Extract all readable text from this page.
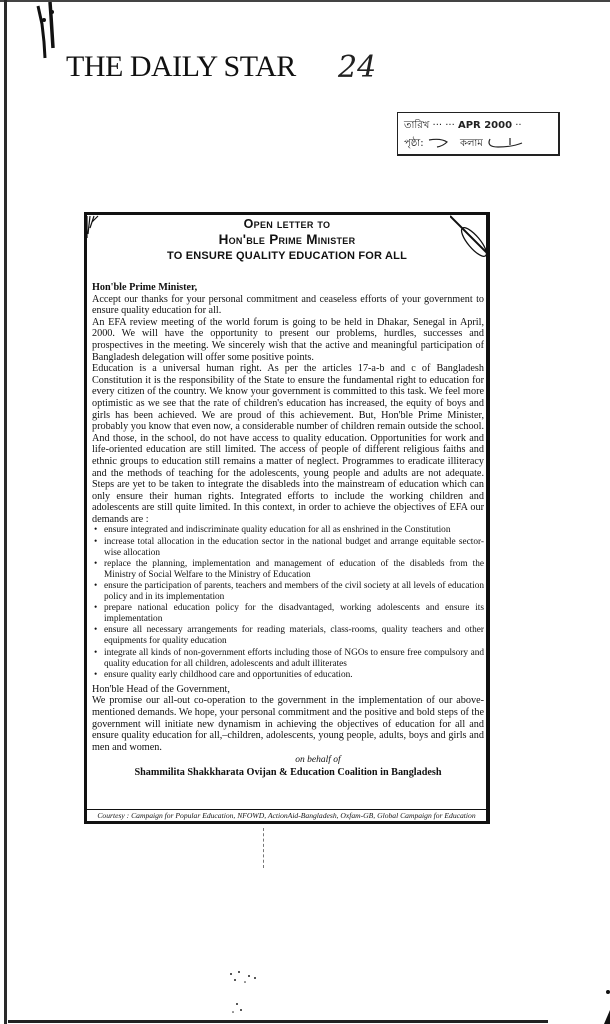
THE DAILY STAR 24
তারিখ ··· ··· APR 2000 ··
পৃষ্ঠা:	কলাম
Open letter to
Hon'ble Prime Minister
TO ENSURE QUALITY EDUCATION FOR ALL
Hon'ble Prime Minister,

Accept our thanks for your personal commitment and ceaseless efforts of your government to ensure quality education for all.

An EFA review meeting of the world forum is going to be held in Dhakar, Senegal in April, 2000. We will have the opportunity to present our problems, hurdles, successes and prospectives in the meeting. We sincerely wish that the active and meaningful participation of Bangladesh delegation will offer some positive points.

Education is a universal human right. As per the articles 17-a-b and c of Bangladesh Constitution it is the responsibility of the State to ensure the fundamental right to education for every citizen of the country. We know your government is committed to this task. We feel more optimistic as we see that the rate of children's education has increased, the equity of boys and girls has been achieved. We are proud of this achievement. But, Hon'ble Prime Minister, probably you know that even now, a considerable number of children remain outside the school. And those, in the school, do not have access to quality education. Opportunities for work and life-oriented education are still limited. The access of people of different religious faiths and ethnic groups to education still remains a matter of neglect. Programmes to eradicate illiteracy and the methods of teaching for the adolescents, young people and adults are not adequate. Steps are yet to be taken to integrate the disableds into the mainstream of education which can only ensure their human rights. Integrated efforts to include the working children and adolescents are still quite limited. In this context, in order to achieve the objectives of EFA our demands are :

• ensure integrated and indiscriminate quality education for all as enshrined in the Constitution
• increase total allocation in the education sector in the national budget and arrange equitable sector-wise allocation
• replace the planning, implementation and management of education of the disableds from the Ministry of Social Welfare to the Ministry of Education
• ensure the participation of parents, teachers and members of the civil society at all levels of education policy and in its implementation
• prepare national education policy for the disadvantaged, working adolescents and ensure its implementation
• ensure all necessary arrangements for reading materials, class-rooms, quality teachers and other equipments for quality education
• integrate all kinds of non-government efforts including those of NGOs to ensure free compulsory and quality education for all children, adolescents and adult illiterates
• ensure quality early childhood care and opportunities of education.
Hon'ble Head of the Government,

We promise our all-out co-operation to the government in the implementation of our above-mentioned demands. We hope, your personal commitment and the positive and bold steps of the government will initiate new dynamism in achieving the objectives of education for all and ensure quality education for all,–children, adolescents, young people, adults, boys and girls and men and women.

on behalf of
Shammilita Shakkharata Ovijan & Education Coalition in Bangladesh
Courtesy : Campaign for Popular Education, NFOWD, ActionAid-Bangladesh, Oxfam-GB, Global Campaign for Education
